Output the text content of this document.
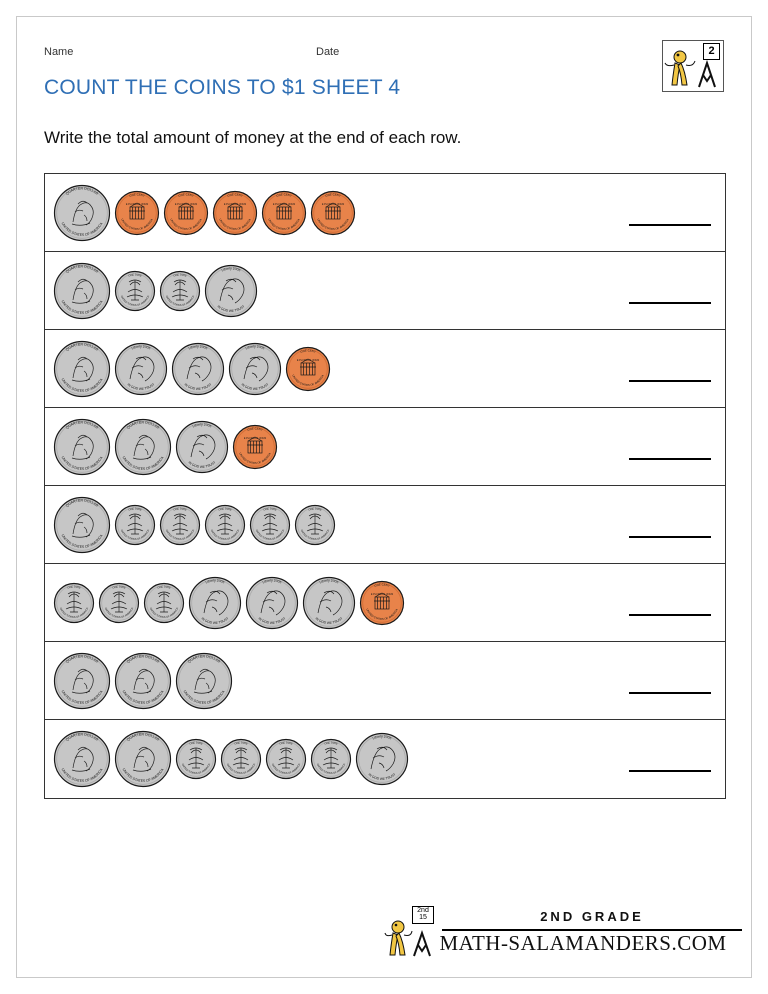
Name	Date	2
COUNT THE COINS TO $1 SHEET 4
Write the total amount of money at the end of each row.
UNITED STATES OF AMERICA
QUARTER DOLLAR
UNITED STATES OF AMERICA
ONE CENT
E PLURIBUS UNUM
UNITED STATES OF AMERICA
ONE CENT
E PLURIBUS UNUM
UNITED STATES OF AMERICA
ONE CENT
E PLURIBUS UNUM
UNITED STATES OF AMERICA
ONE CENT
E PLURIBUS UNUM
UNITED STATES OF AMERICA
ONE CENT
E PLURIBUS UNUM
UNITED STATES OF AMERICA
QUARTER DOLLAR
UNITED STATES OF AMERICA
ONE DIME
UNITED STATES OF AMERICA
ONE DIME
IN GOD WE TRUST
Liberty 2006
UNITED STATES OF AMERICA
QUARTER DOLLAR
IN GOD WE TRUST
Liberty 2006
IN GOD WE TRUST
Liberty 2006
IN GOD WE TRUST
Liberty 2006
UNITED STATES OF AMERICA
ONE CENT
E PLURIBUS UNUM
UNITED STATES OF AMERICA
QUARTER DOLLAR
UNITED STATES OF AMERICA
QUARTER DOLLAR
IN GOD WE TRUST
Liberty 2006
UNITED STATES OF AMERICA
ONE CENT
E PLURIBUS UNUM
UNITED STATES OF AMERICA
QUARTER DOLLAR
UNITED STATES OF AMERICA
ONE DIME
UNITED STATES OF AMERICA
ONE DIME
UNITED STATES OF AMERICA
ONE DIME
UNITED STATES OF AMERICA
ONE DIME
UNITED STATES OF AMERICA
ONE DIME
UNITED STATES OF AMERICA
ONE DIME
UNITED STATES OF AMERICA
ONE DIME
UNITED STATES OF AMERICA
ONE DIME
IN GOD WE TRUST
Liberty 2006
IN GOD WE TRUST
Liberty 2006
IN GOD WE TRUST
Liberty 2006
UNITED STATES OF AMERICA
ONE CENT
E PLURIBUS UNUM
UNITED STATES OF AMERICA
QUARTER DOLLAR
UNITED STATES OF AMERICA
QUARTER DOLLAR
UNITED STATES OF AMERICA
QUARTER DOLLAR
UNITED STATES OF AMERICA
QUARTER DOLLAR
UNITED STATES OF AMERICA
QUARTER DOLLAR
UNITED STATES OF AMERICA
ONE DIME
UNITED STATES OF AMERICA
ONE DIME
UNITED STATES OF AMERICA
ONE DIME
UNITED STATES OF AMERICA
ONE DIME
IN GOD WE TRUST
Liberty 2006
2nd 15	2ND GRADE
MATH-SALAMANDERS.COM
